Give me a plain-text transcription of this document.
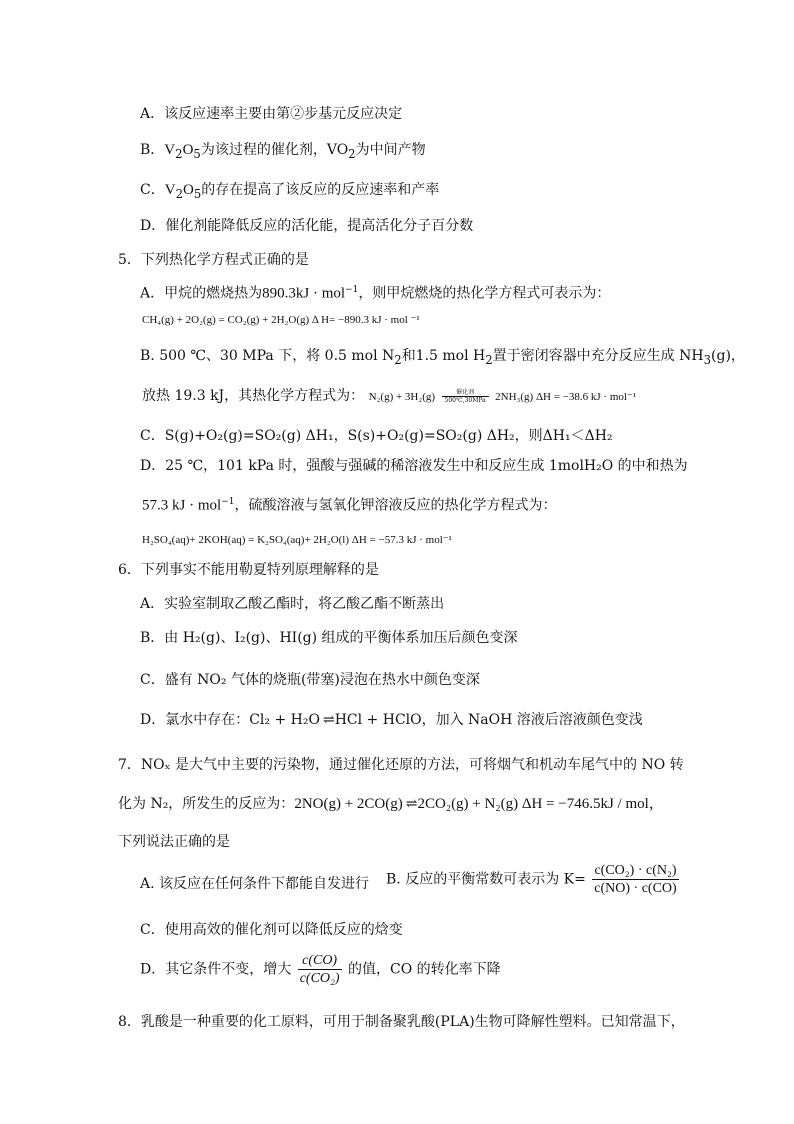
A．该反应速率主要由第②步基元反应决定
B．$V_2O_5$为该过程的催化剂，$VO_2$为中间产物
C．$V_2O_5$的存在提高了该反应的反应速率和产率
D．催化剂能降低反应的活化能，提高活化分子百分数
5．下列热化学方程式正确的是
A．甲烷的燃烧热为890.3kJ · mol$^{-1}$，则甲烷燃烧的热化学方程式可表示为：
CH₄(g) + 2O₂(g) = CO₂(g) + 2H₂O(g) Δ H= −890.3 kJ · mol ⁻¹
B. 500 ℃、30 MPa 下，将 0.5 mol $N_2$和1.5 mol $H_2$置于密闭容器中充分反应生成 $NH_3(g)$，
放热 19.3 kJ，其热化学方程式为： N₂(g) + 3H₂(g)	催化剂
500℃,30MPa 2NH₃(g) ΔH = −38.6 kJ · mol⁻¹
C．S(g)+O₂(g)=SO₂(g) ΔH₁，S(s)+O₂(g)=SO₂(g) ΔH₂，则ΔH₁＜ΔH₂
D．25 ℃，101 kPa 时，强酸与强碱的稀溶液发生中和反应生成 1molH₂O 的中和热为
57.3 kJ · mol$^{-1}$，硫酸溶液与氢氧化钾溶液反应的热化学方程式为：
H₂SO₄(aq)+ 2KOH(aq) = K₂SO₄(aq)+ 2H₂O(l) ΔH = −57.3 kJ · mol⁻¹
6．下列事实不能用勒夏特列原理解释的是
A．实验室制取乙酸乙酯时，将乙酸乙酯不断蒸出
B．由 H₂(g)、I₂(g)、HI(g) 组成的平衡体系加压后颜色变深
C．盛有 NO₂ 气体的烧瓶(带塞)浸泡在热水中颜色变深
D．氯水中存在：Cl₂ + H₂O ⇌ HCl + HClO，加入 NaOH 溶液后溶液颜色变浅
7．NOₓ 是大气中主要的污染物，通过催化还原的方法，可将烟气和机动车尾气中的 NO 转
化为 N₂，所发生的反应为：2NO(g) + 2CO(g) ⇌ 2CO₂(g) + N₂(g) ΔH = −746.5kJ / mol，
下列说法正确的是
A. 该反应在任何条件下都能自发进行 B. 反应的平衡常数可表示为 $K= \frac{\text{c(CO₂) · c(N₂)}}{c(NO) \cdot c(CO)}$
C．使用高效的催化剂可以降低反应的焓变
D．其它条件不变，增大 $\frac{c(CO)}{\text{c(CO₂)}}$ 的值，CO 的转化率下降
8．乳酸是一种重要的化工原料，可用于制备聚乳酸(PLA)生物可降解性塑料。已知常温下，
